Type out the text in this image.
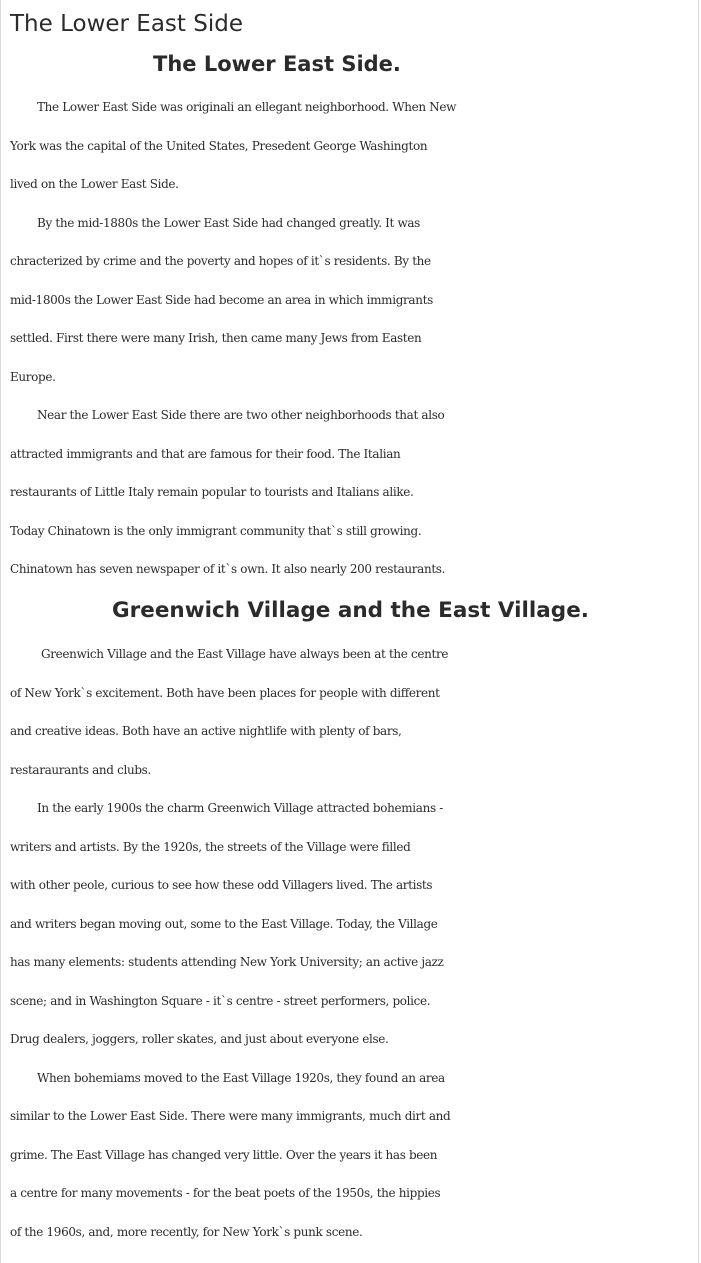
The Lower East Side
The Lower East Side.
The Lower East Side was originali an ellegant neighborhood. When New
York was the capital of the United States, Presedent George Washington
lived on the Lower East Side.
By the mid-1880s the Lower East Side had changed greatly. It was
chracterized by crime and the poverty and hopes of it`s residents. By the
mid-1800s the Lower East Side had become an area in which immigrants
settled. First there were many Irish, then came many Jews from Easten
Europe.
Near the Lower East Side there are two other neighborhoods that also
attracted immigrants and that are famous for their food. The Italian
restaurants of Little Italy remain popular to tourists and Italians alike.
Today Chinatown is the only immigrant community that`s still growing.
Chinatown has seven newspaper of it`s own. It also nearly 200 restaurants.
Greenwich Village and the East Village.
Greenwich Village and the East Village have always been at the centre
of New York`s excitement. Both have been places for people with different
and creative ideas. Both have an active nightlife with plenty of bars,
restaraurants and clubs.
In the early 1900s the charm Greenwich Village attracted bohemians -
writers and artists. By the 1920s, the streets of the Village were filled
with other peole, curious to see how these odd Villagers lived. The artists
and writers began moving out, some to the East Village. Today, the Village
has many elements: students attending New York University; an active jazz
scene; and in Washington Square - it`s centre - street performers, police.
Drug dealers, joggers, roller skates, and just about everyone else.
When bohemiams moved to the East Village 1920s, they found an area
similar to the Lower East Side. There were many immigrants, much dirt and
grime. The East Village has changed very little. Over the years it has been
a centre for many movements - for the beat poets of the 1950s, the hippies
of the 1960s, and, more recently, for New York`s punk scene.
